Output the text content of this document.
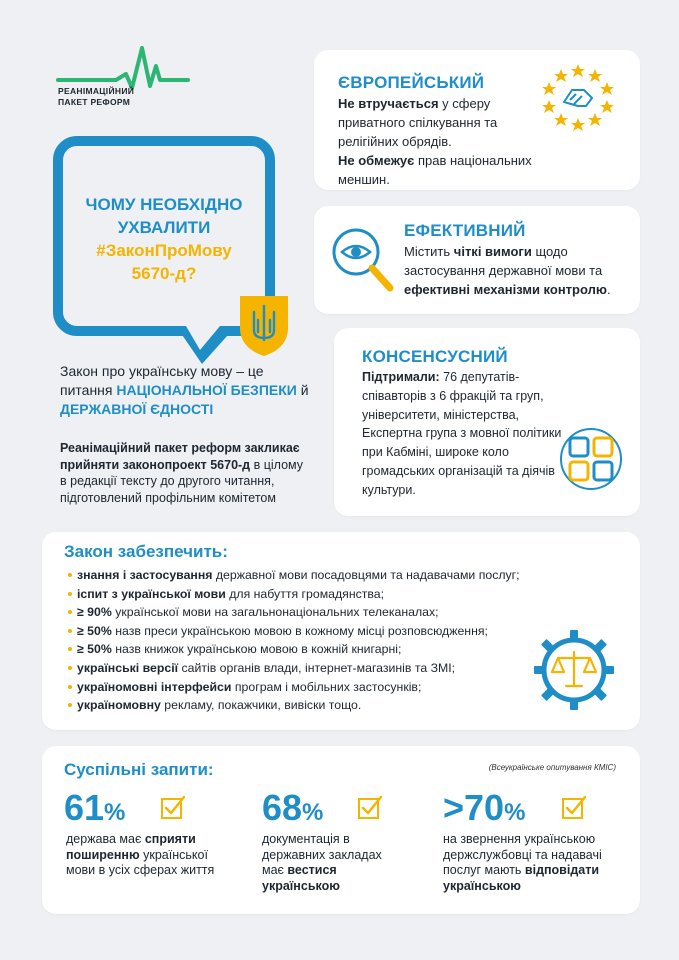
РЕАНІМАЦІЙНИЙ
ПАКЕТ РЕФОРМ
ЧОМУ НЕОБХІДНО
УХВАЛИТИ
#ЗаконПроМову
5670-д?
Закон про українську мову – це питання НАЦІОНАЛЬНОЇ БЕЗПЕКИ й ДЕРЖАВНОЇ ЄДНОСТІ
Реанімаційний пакет реформ закликає прийняти законопроект 5670-д в цілому в редакції тексту до другого читання, підготовлений профільним комітетом
ЄВРОПЕЙСЬКИЙ
Не втручається у сферу приватного спілкування та релігійних обрядів.
Не обмежує прав національних меншин.
ЕФЕКТИВНИЙ
Містить чіткі вимоги щодо застосування державної мови та ефективні механізми контролю.
КОНСЕНСУСНИЙ
Підтримали: 76 депутатів-співавторів з 6 фракцій та груп, університети, міністерства, Експертна група з мовної політики при Кабміні, широке коло громадських організацій та діячів культури.
Закон забезпечить:
знання і застосування державної мови посадовцями та надавачами послуг;
іспит з української мови для набуття громадянства;
≥ 90% української мови на загальнонаціональних телеканалах;
≥ 50% назв преси українською мовою в кожному місці розповсюдження;
≥ 50% назв книжок українською мовою в кожній книгарні;
українські версії сайтів органів влади, інтернет-магазинів та ЗМІ;
україномовні інтерфейси програм і мобільних застосунків;
україномовну рекламу, покажчики, вивіски тощо.
Суспільні запити:	(Всеукраїнське опитування КМІС)
61%
держава має сприяти поширенню української мови в усіх сферах життя
68%
документація в державних закладах має вестися українською
>70%
на звернення українською держслужбовці та надавачі послуг мають відповідати українською
